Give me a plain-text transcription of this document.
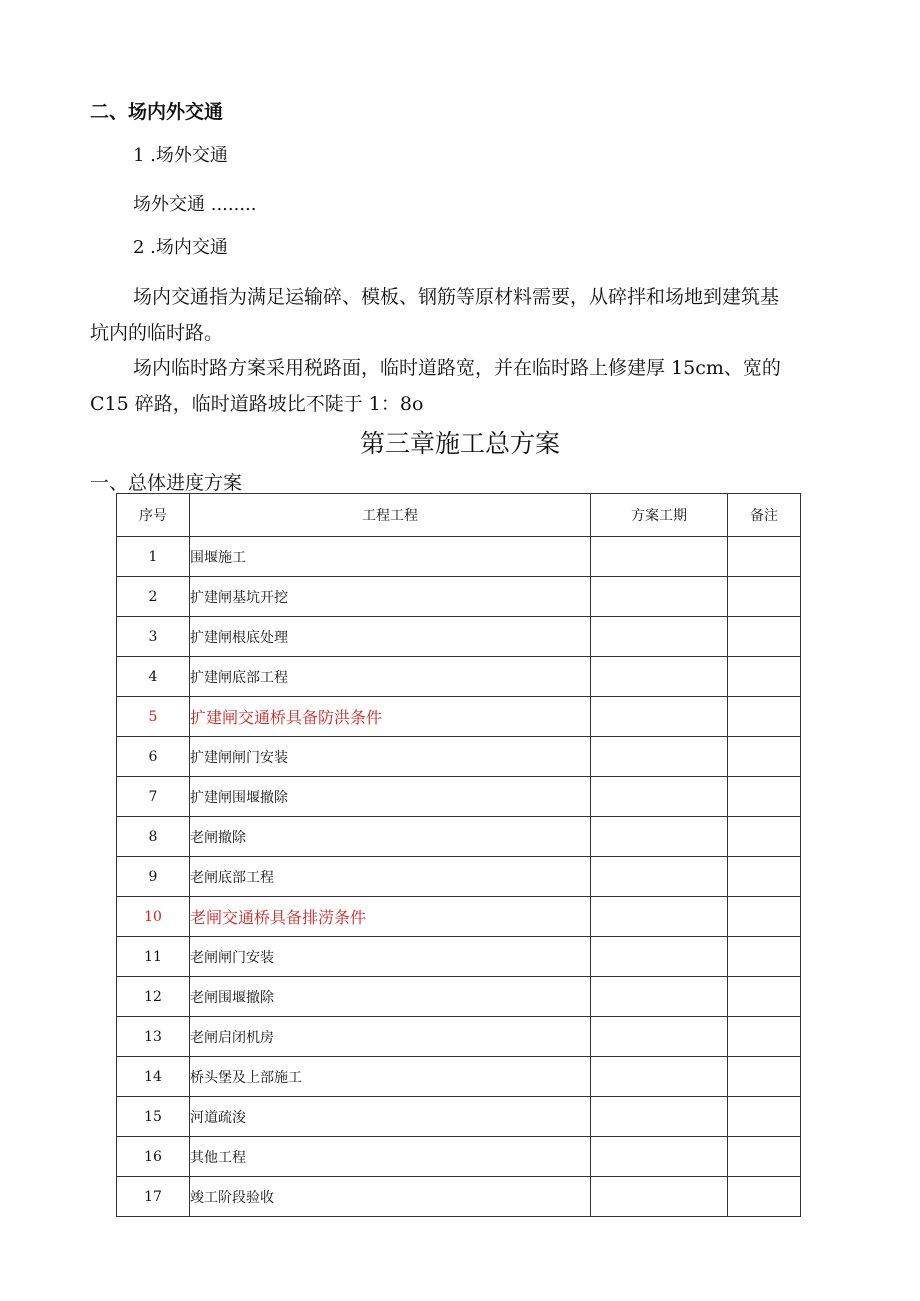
二、场内外交通
1 .场外交通
场外交通 ........
2 .场内交通
场内交通指为满足运输碎、模板、钢筋等原材料需要，从碎拌和场地到建筑基
坑内的临时路。
场内临时路方案采用税路面，临时道路宽，并在临时路上修建厚 15cm、宽的
C15 碎路，临时道路坡比不陡于 1：8o
第三章施工总方案
一、总体进度方案
序号	工程工程	方案工期	备注
1	围堰施工		
2	扩建闸基坑开挖		
3	扩建闸根底处理		
4	扩建闸底部工程		
5	扩建闸交通桥具备防洪条件		
6	扩建闸闸门安装		
7	扩建闸围堰撤除		
8	老闸撤除		
9	老闸底部工程		
10	老闸交通桥具备排涝条件		
11	老闸闸门安装		
12	老闸围堰撤除		
13	老闸启闭机房		
14	桥头堡及上部施工		
15	河道疏浚		
16	其他工程		
17	竣工阶段验收		
